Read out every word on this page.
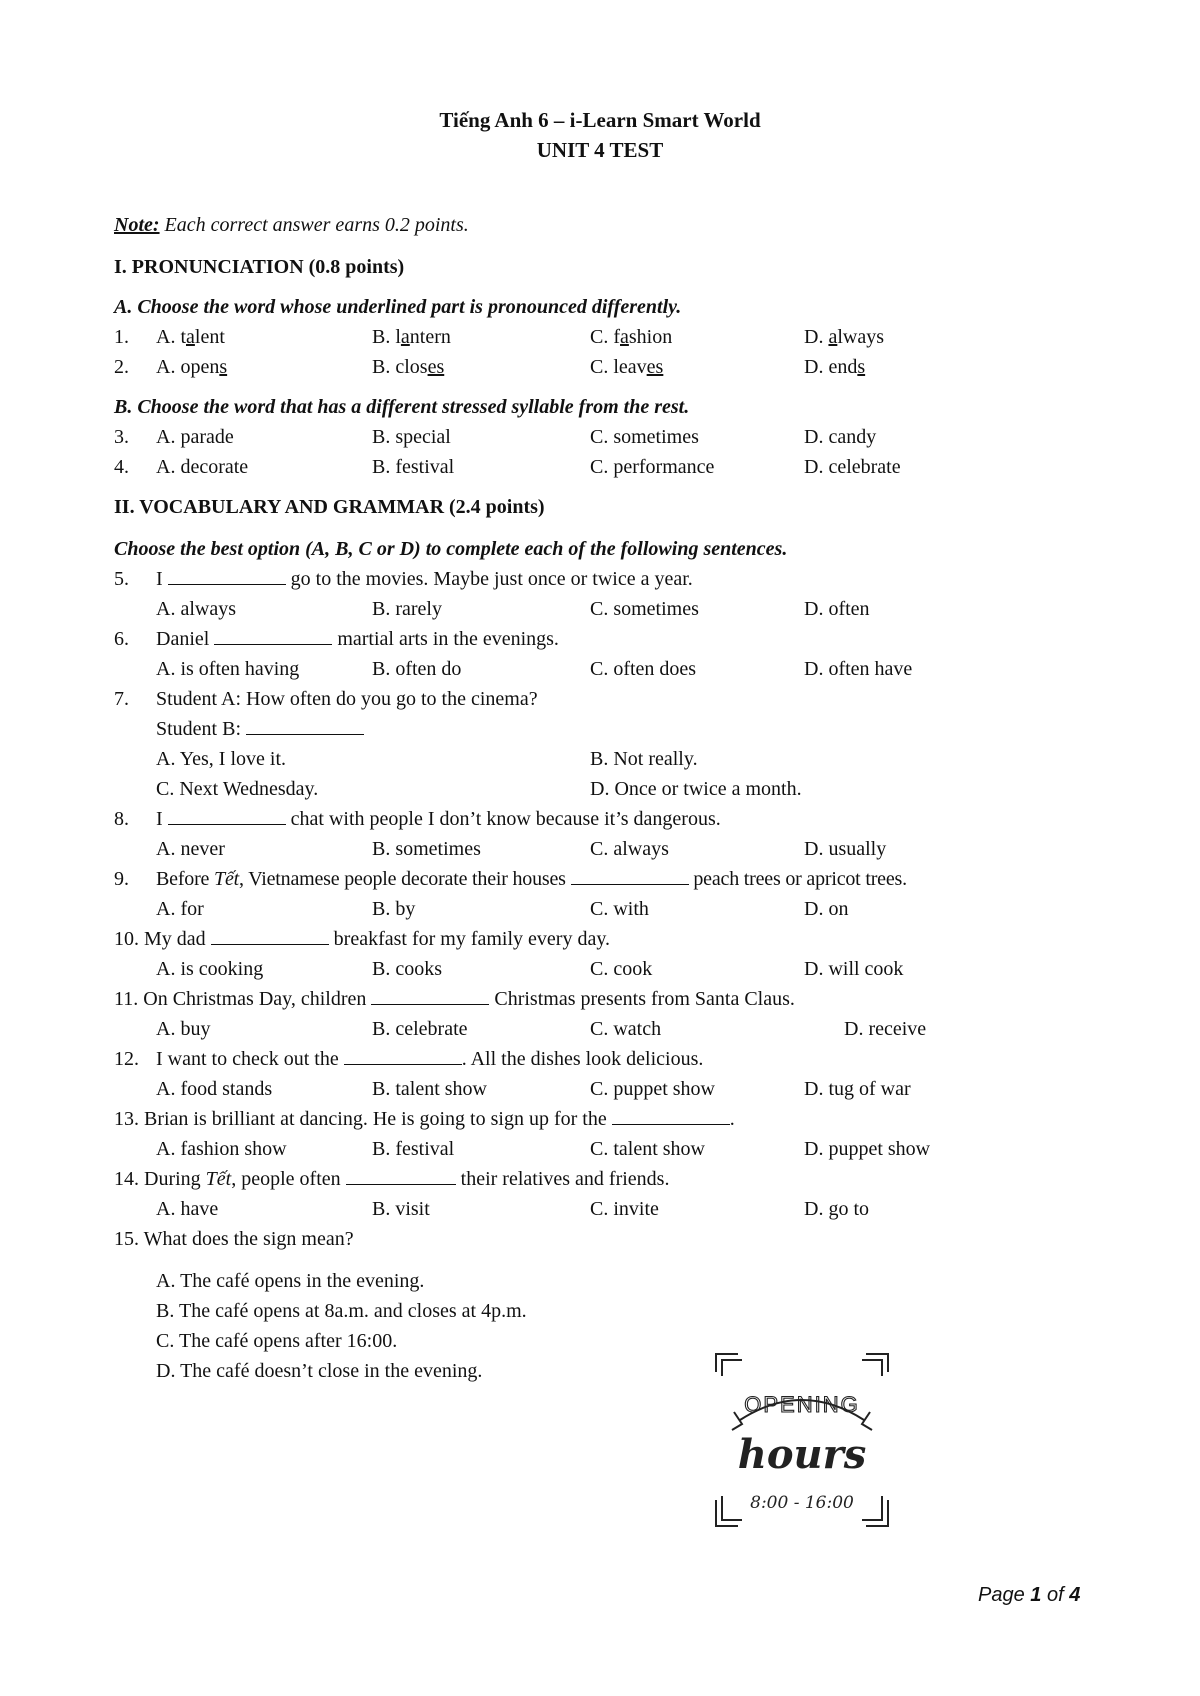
Tiếng Anh 6 – i-Learn Smart World
UNIT 4 TEST
Note: Each correct answer earns 0.2 points.
I. PRONUNCIATION (0.8 points)
A. Choose the word whose underlined part is pronounced differently.
1. A. talent	B. lantern	C. fashion	D. always
2. A. opens	B. closes	C. leaves	D. ends
B. Choose the word that has a different stressed syllable from the rest.
3. A. parade	B. special	C. sometimes	D. candy
4. A. decorate	B. festival	C. performance	D. celebrate
II. VOCABULARY AND GRAMMAR (2.4 points)
Choose the best option (A, B, C or D) to complete each of the following sentences.
5. I	go to the movies. Maybe just once or twice a year.
A. always	B. rarely	C. sometimes	D. often
6. Daniel	martial arts in the evenings.
A. is often having	B. often do	C. often does	D. often have
7. Student A: How often do you go to the cinema?
Student B:
A. Yes, I love it.	B. Not really.
C. Next Wednesday.	D. Once or twice a month.
8. I	chat with people I don’t know because it’s dangerous.
A. never	B. sometimes	C. always	D. usually
9. Before Tết, Vietnamese people decorate their houses	peach trees or apricot trees.
A. for	B. by	C. with	D. on
10. My dad	breakfast for my family every day.
A. is cooking	B. cooks	C. cook	D. will cook
11. On Christmas Day, children	Christmas presents from Santa Claus.
A. buy	B. celebrate	C. watch	D. receive
12. I want to check out the	. All the dishes look delicious.
A. food stands	B. talent show	C. puppet show	D. tug of war
13. Brian is brilliant at dancing. He is going to sign up for the	.
A. fashion show	B. festival	C. talent show	D. puppet show
14. During Tết, people often	their relatives and friends.
A. have	B. visit	C. invite	D. go to
15. What does the sign mean?
A. The café opens in the evening.
B. The café opens at 8a.m. and closes at 4p.m.
C. The café opens after 16:00.
D. The café doesn’t close in the evening.
OPENING
hours
8:00 - 16:00
Page 1 of 4
